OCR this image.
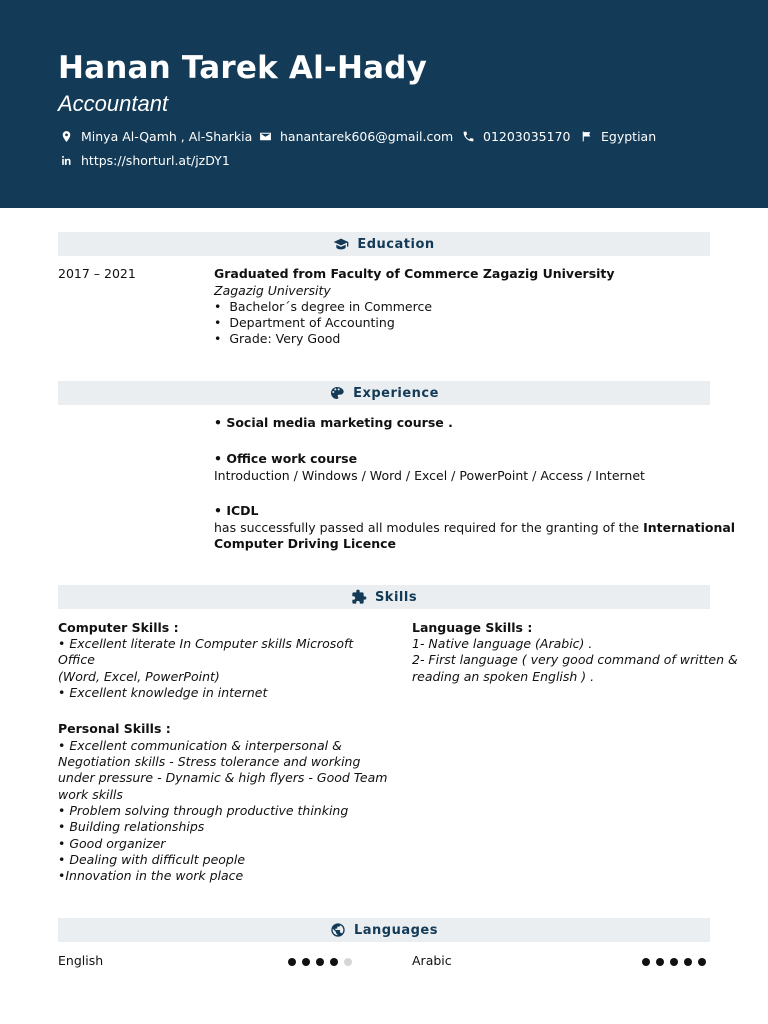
Hanan Tarek Al-Hady
Accountant
Minya Al-Qamh , Al-Sharkia hanantarek606@gmail.com 01203035170 Egyptian
https://shorturl.at/jzDY1
Education
2017 – 2021	Graduated from Faculty of Commerce Zagazig University
Zagazig University
•  Bachelor´s degree in Commerce
•  Department of Accounting
•  Grade: Very Good
Experience
• Social media marketing course .
• Office work course
Introduction / Windows / Word / Excel / PowerPoint / Access / Internet
• ICDL
has successfully passed all modules required for the granting of the International
Computer Driving Licence
Skills
Computer Skills :
• Excellent literate In Computer skills Microsoft
Office
(Word, Excel, PowerPoint)
• Excellent knowledge in internet
Personal Skills :
• Excellent communication & interpersonal &
Negotiation skills - Stress tolerance and working
under pressure - Dynamic & high flyers - Good Team
work skills
• Problem solving through productive thinking
• Building relationships
• Good organizer
• Dealing with difficult people
•Innovation in the work place
Language Skills :
1- Native language (Arabic) .
2- First language ( very good command of written &
reading an spoken English ) .
Languages
English	Arabic
